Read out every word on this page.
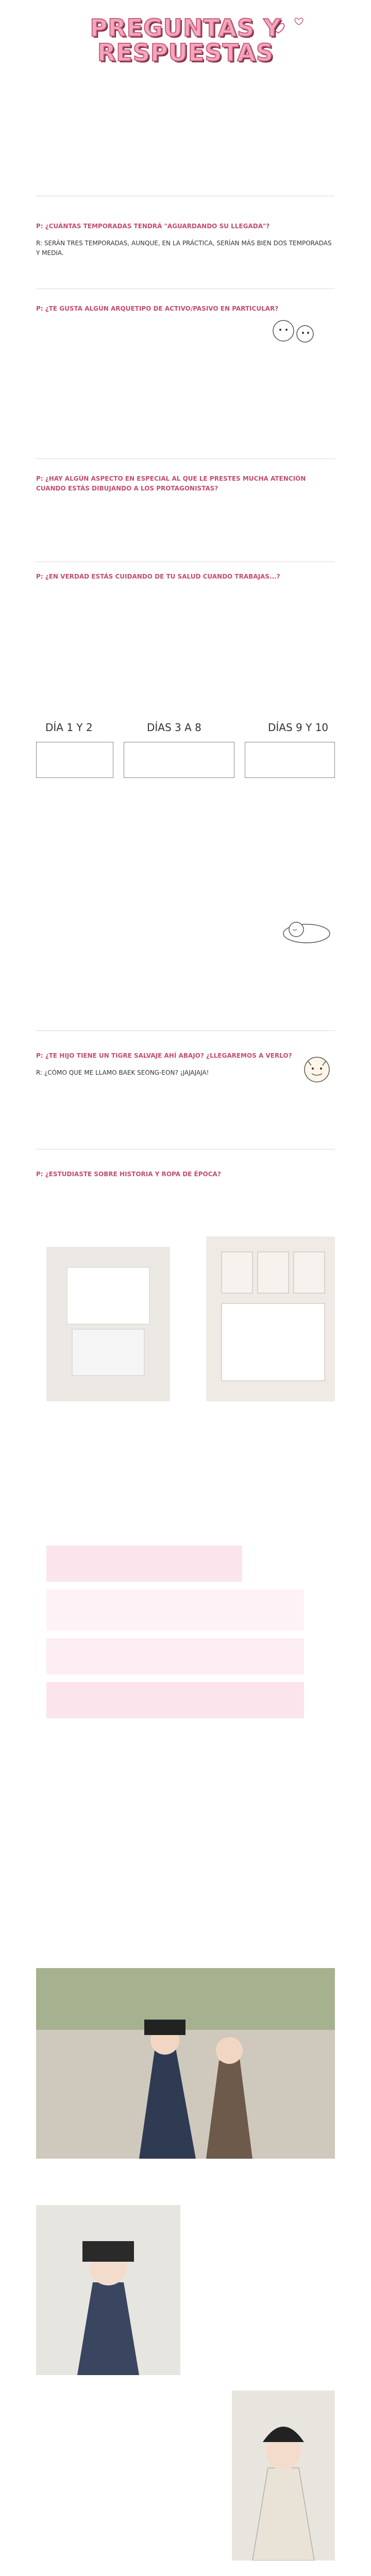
PREGUNTAS Y
RESPUESTAS
P: ¿CUÁNTAS TEMPORADAS TENDRÁ "AGUARDANDO SU LLEGADA"?
R: SERÁN TRES TEMPORADAS, AUNQUE, EN LA PRÁCTICA, SERÍAN MÁS BIEN DOS TEMPORADAS Y MEDIA.
P: ¿TE GUSTA ALGÚN ARQUETIPO DE ACTIVO/PASIVO EN PARTICULAR?
P: ¿HAY ALGÚN ASPECTO EN ESPECIAL AL QUE LE PRESTES MUCHA ATENCIÓN CUANDO ESTÁS DIBUJANDO A LOS PROTAGONISTAS?
P: ¿EN VERDAD ESTÁS CUIDANDO DE TU SALUD CUANDO TRABAJAS...?
DÍA 1 Y 2	DÍAS 3 A 8	DÍAS 9 Y 10
P: ¿TE HIJO TIENE UN TIGRE SALVAJE AHÍ ABAJO? ¿LLEGAREMOS A VERLO?
R: ¿CÓMO QUE ME LLAMO BAEK SEONG-EON? ¡JAJAJAJA!
P: ¿ESTUDIASTE SOBRE HISTORIA Y ROPA DE ÉPOCA?
